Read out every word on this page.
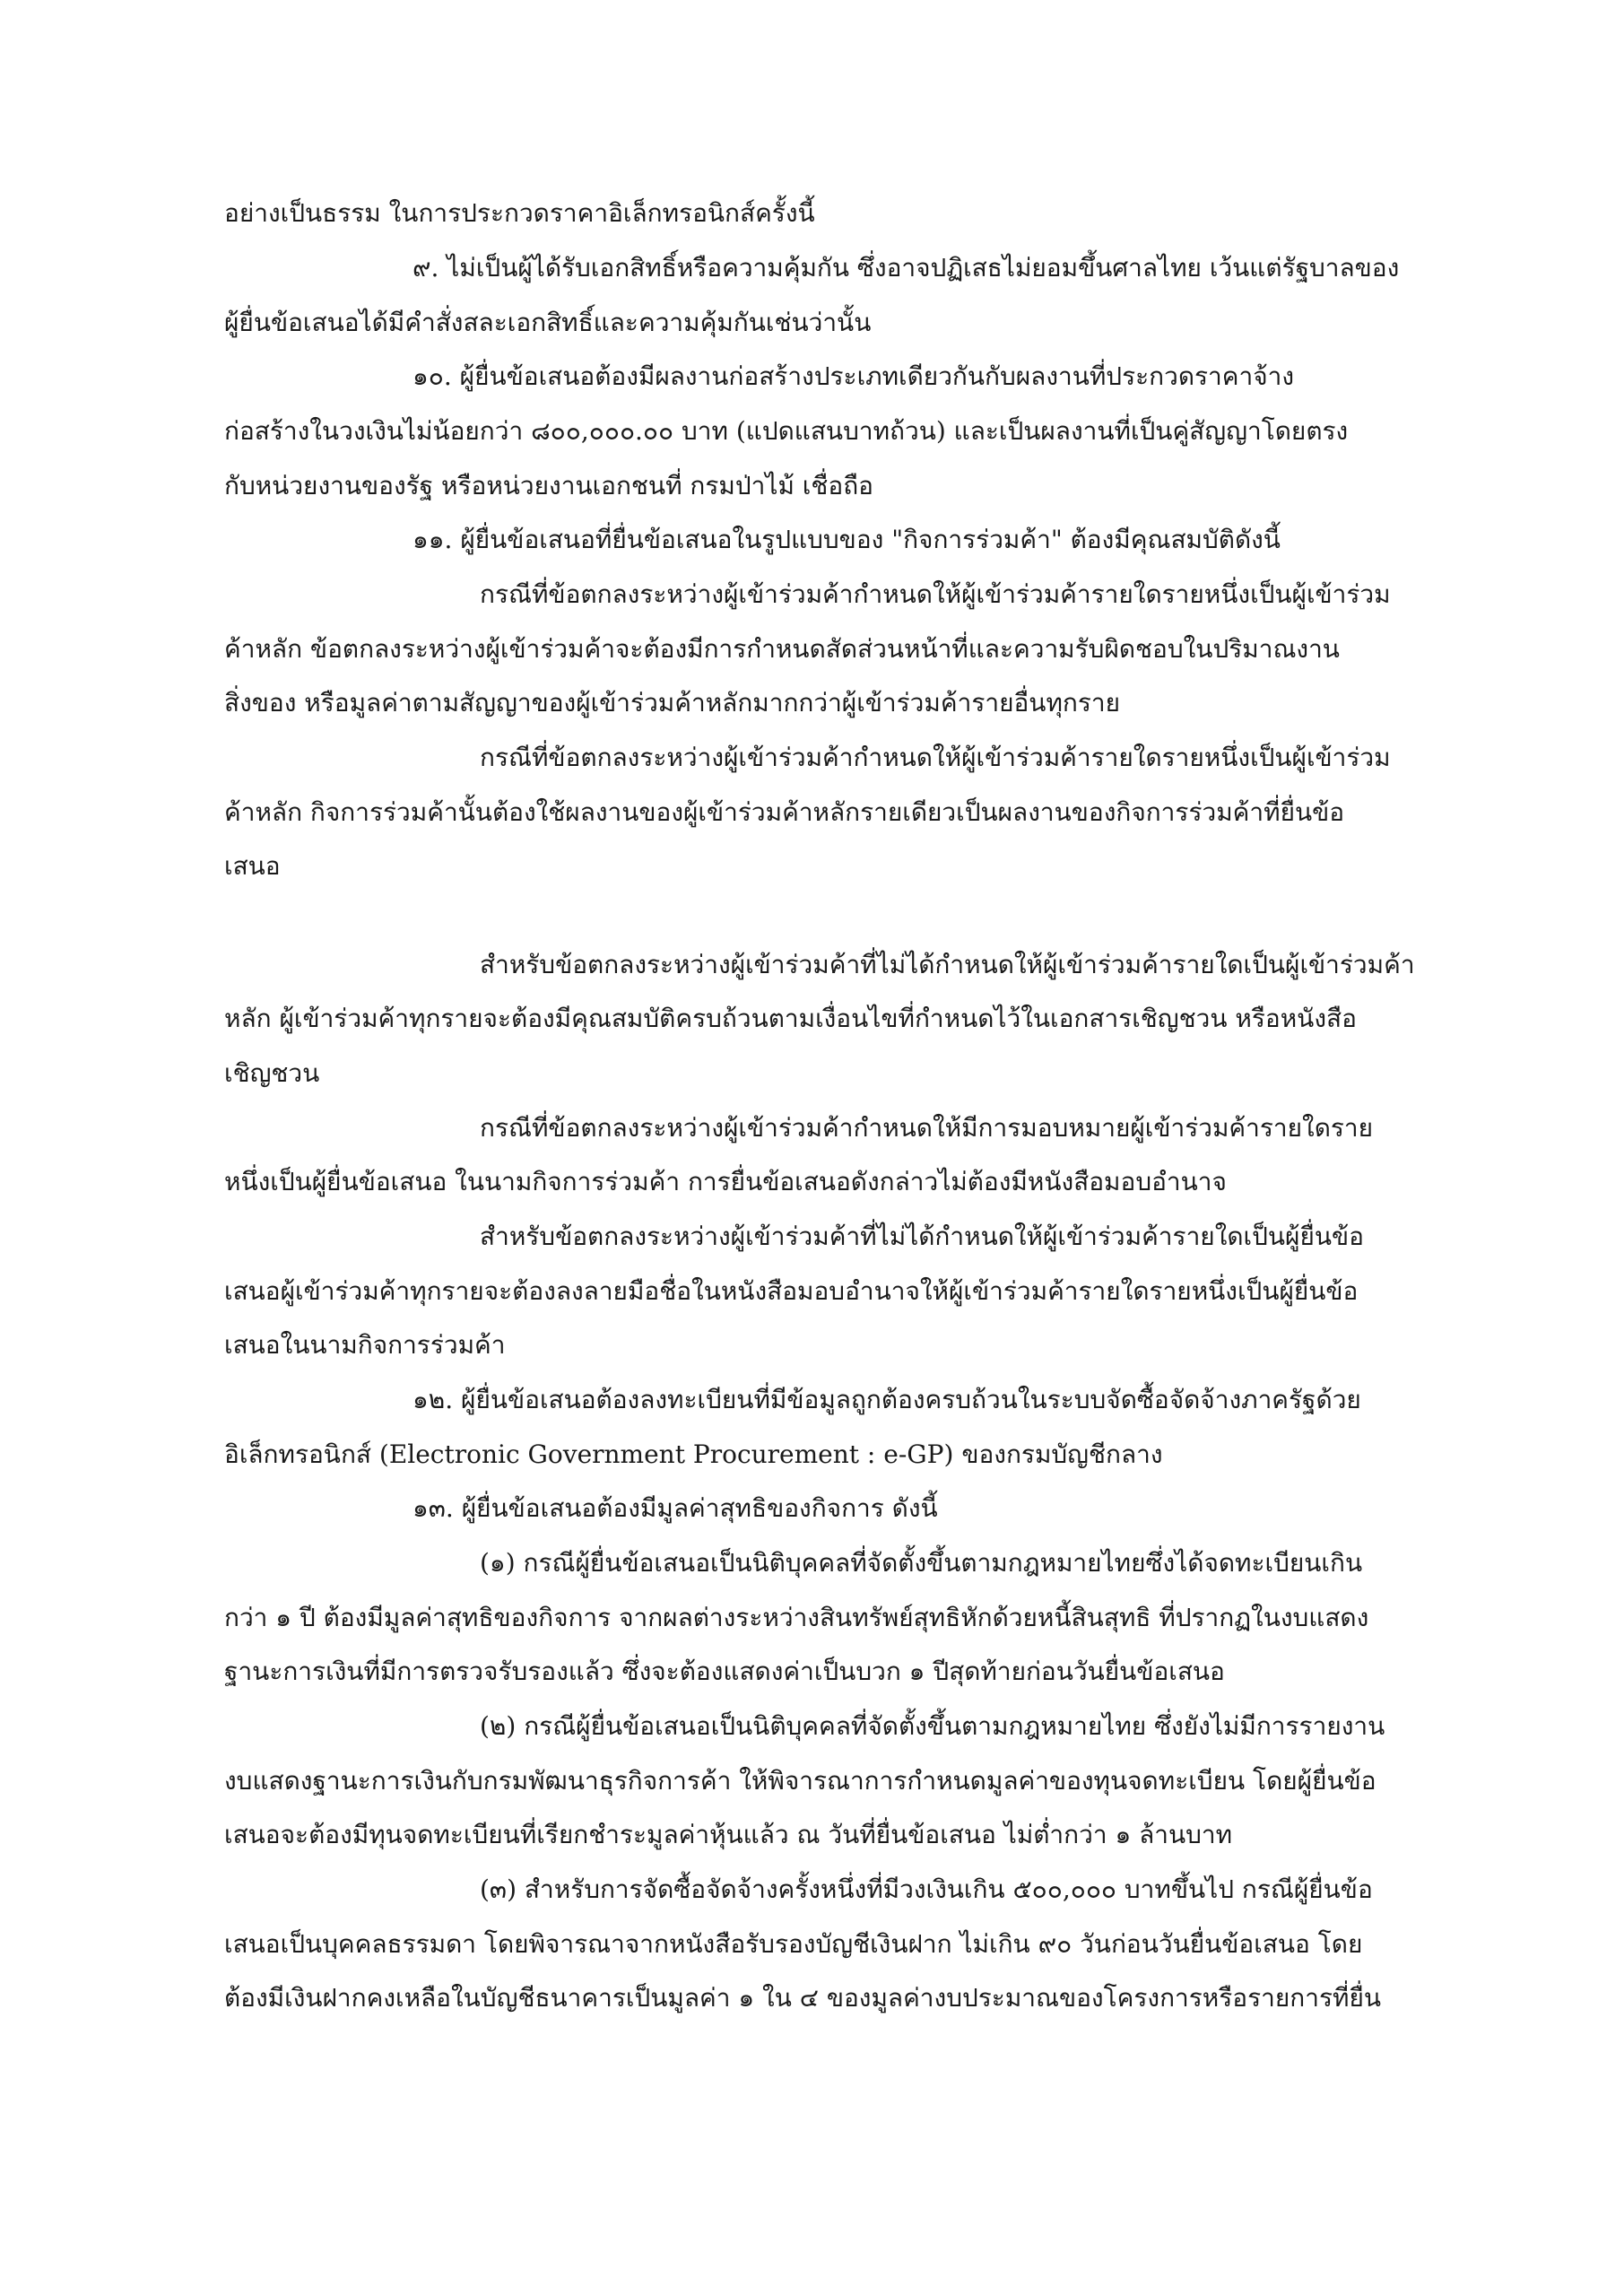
อย่างเป็นธรรม ในการประกวดราคาอิเล็กทรอนิกส์ครั้งนี้
๙. ไม่เป็นผู้ได้รับเอกสิทธิ์หรือความคุ้มกัน ซึ่งอาจปฏิเสธไม่ยอมขึ้นศาลไทย เว้นแต่รัฐบาลของ
ผู้ยื่นข้อเสนอได้มีคำสั่งสละเอกสิทธิ์และความคุ้มกันเช่นว่านั้น
๑๐. ผู้ยื่นข้อเสนอต้องมีผลงานก่อสร้างประเภทเดียวกันกับผลงานที่ประกวดราคาจ้าง
ก่อสร้างในวงเงินไม่น้อยกว่า ๘๐๐,๐๐๐.๐๐ บาท (แปดแสนบาทถ้วน) และเป็นผลงานที่เป็นคู่สัญญาโดยตรง
กับหน่วยงานของรัฐ หรือหน่วยงานเอกชนที่ กรมป่าไม้ เชื่อถือ
๑๑. ผู้ยื่นข้อเสนอที่ยื่นข้อเสนอในรูปแบบของ "กิจการร่วมค้า" ต้องมีคุณสมบัติดังนี้
กรณีที่ข้อตกลงระหว่างผู้เข้าร่วมค้ากำหนดให้ผู้เข้าร่วมค้ารายใดรายหนึ่งเป็นผู้เข้าร่วม
ค้าหลัก ข้อตกลงระหว่างผู้เข้าร่วมค้าจะต้องมีการกำหนดสัดส่วนหน้าที่และความรับผิดชอบในปริมาณงาน
สิ่งของ หรือมูลค่าตามสัญญาของผู้เข้าร่วมค้าหลักมากกว่าผู้เข้าร่วมค้ารายอื่นทุกราย
กรณีที่ข้อตกลงระหว่างผู้เข้าร่วมค้ากำหนดให้ผู้เข้าร่วมค้ารายใดรายหนึ่งเป็นผู้เข้าร่วม
ค้าหลัก กิจการร่วมค้านั้นต้องใช้ผลงานของผู้เข้าร่วมค้าหลักรายเดียวเป็นผลงานของกิจการร่วมค้าที่ยื่นข้อ
เสนอ
สำหรับข้อตกลงระหว่างผู้เข้าร่วมค้าที่ไม่ได้กำหนดให้ผู้เข้าร่วมค้ารายใดเป็นผู้เข้าร่วมค้า
หลัก ผู้เข้าร่วมค้าทุกรายจะต้องมีคุณสมบัติครบถ้วนตามเงื่อนไขที่กำหนดไว้ในเอกสารเชิญชวน หรือหนังสือ
เชิญชวน
กรณีที่ข้อตกลงระหว่างผู้เข้าร่วมค้ากำหนดให้มีการมอบหมายผู้เข้าร่วมค้ารายใดราย
หนึ่งเป็นผู้ยื่นข้อเสนอ ในนามกิจการร่วมค้า การยื่นข้อเสนอดังกล่าวไม่ต้องมีหนังสือมอบอำนาจ
สำหรับข้อตกลงระหว่างผู้เข้าร่วมค้าที่ไม่ได้กำหนดให้ผู้เข้าร่วมค้ารายใดเป็นผู้ยื่นข้อ
เสนอผู้เข้าร่วมค้าทุกรายจะต้องลงลายมือชื่อในหนังสือมอบอำนาจให้ผู้เข้าร่วมค้ารายใดรายหนึ่งเป็นผู้ยื่นข้อ
เสนอในนามกิจการร่วมค้า
๑๒. ผู้ยื่นข้อเสนอต้องลงทะเบียนที่มีข้อมูลถูกต้องครบถ้วนในระบบจัดซื้อจัดจ้างภาครัฐด้วย
อิเล็กทรอนิกส์ (Electronic Government Procurement : e-GP) ของกรมบัญชีกลาง
๑๓. ผู้ยื่นข้อเสนอต้องมีมูลค่าสุทธิของกิจการ ดังนี้
(๑) กรณีผู้ยื่นข้อเสนอเป็นนิติบุคคลที่จัดตั้งขึ้นตามกฎหมายไทยซึ่งได้จดทะเบียนเกิน
กว่า ๑ ปี ต้องมีมูลค่าสุทธิของกิจการ จากผลต่างระหว่างสินทรัพย์สุทธิหักด้วยหนี้สินสุทธิ ที่ปรากฏในงบแสดง
ฐานะการเงินที่มีการตรวจรับรองแล้ว ซึ่งจะต้องแสดงค่าเป็นบวก ๑ ปีสุดท้ายก่อนวันยื่นข้อเสนอ
(๒) กรณีผู้ยื่นข้อเสนอเป็นนิติบุคคลที่จัดตั้งขึ้นตามกฎหมายไทย ซึ่งยังไม่มีการรายงาน
งบแสดงฐานะการเงินกับกรมพัฒนาธุรกิจการค้า ให้พิจารณาการกำหนดมูลค่าของทุนจดทะเบียน โดยผู้ยื่นข้อ
เสนอจะต้องมีทุนจดทะเบียนที่เรียกชำระมูลค่าหุ้นแล้ว ณ วันที่ยื่นข้อเสนอ ไม่ต่ำกว่า ๑ ล้านบาท
(๓) สำหรับการจัดซื้อจัดจ้างครั้งหนึ่งที่มีวงเงินเกิน ๕๐๐,๐๐๐ บาทขึ้นไป กรณีผู้ยื่นข้อ
เสนอเป็นบุคคลธรรมดา โดยพิจารณาจากหนังสือรับรองบัญชีเงินฝาก ไม่เกิน ๙๐ วันก่อนวันยื่นข้อเสนอ โดย
ต้องมีเงินฝากคงเหลือในบัญชีธนาคารเป็นมูลค่า ๑ ใน ๔ ของมูลค่างบประมาณของโครงการหรือรายการที่ยื่น
